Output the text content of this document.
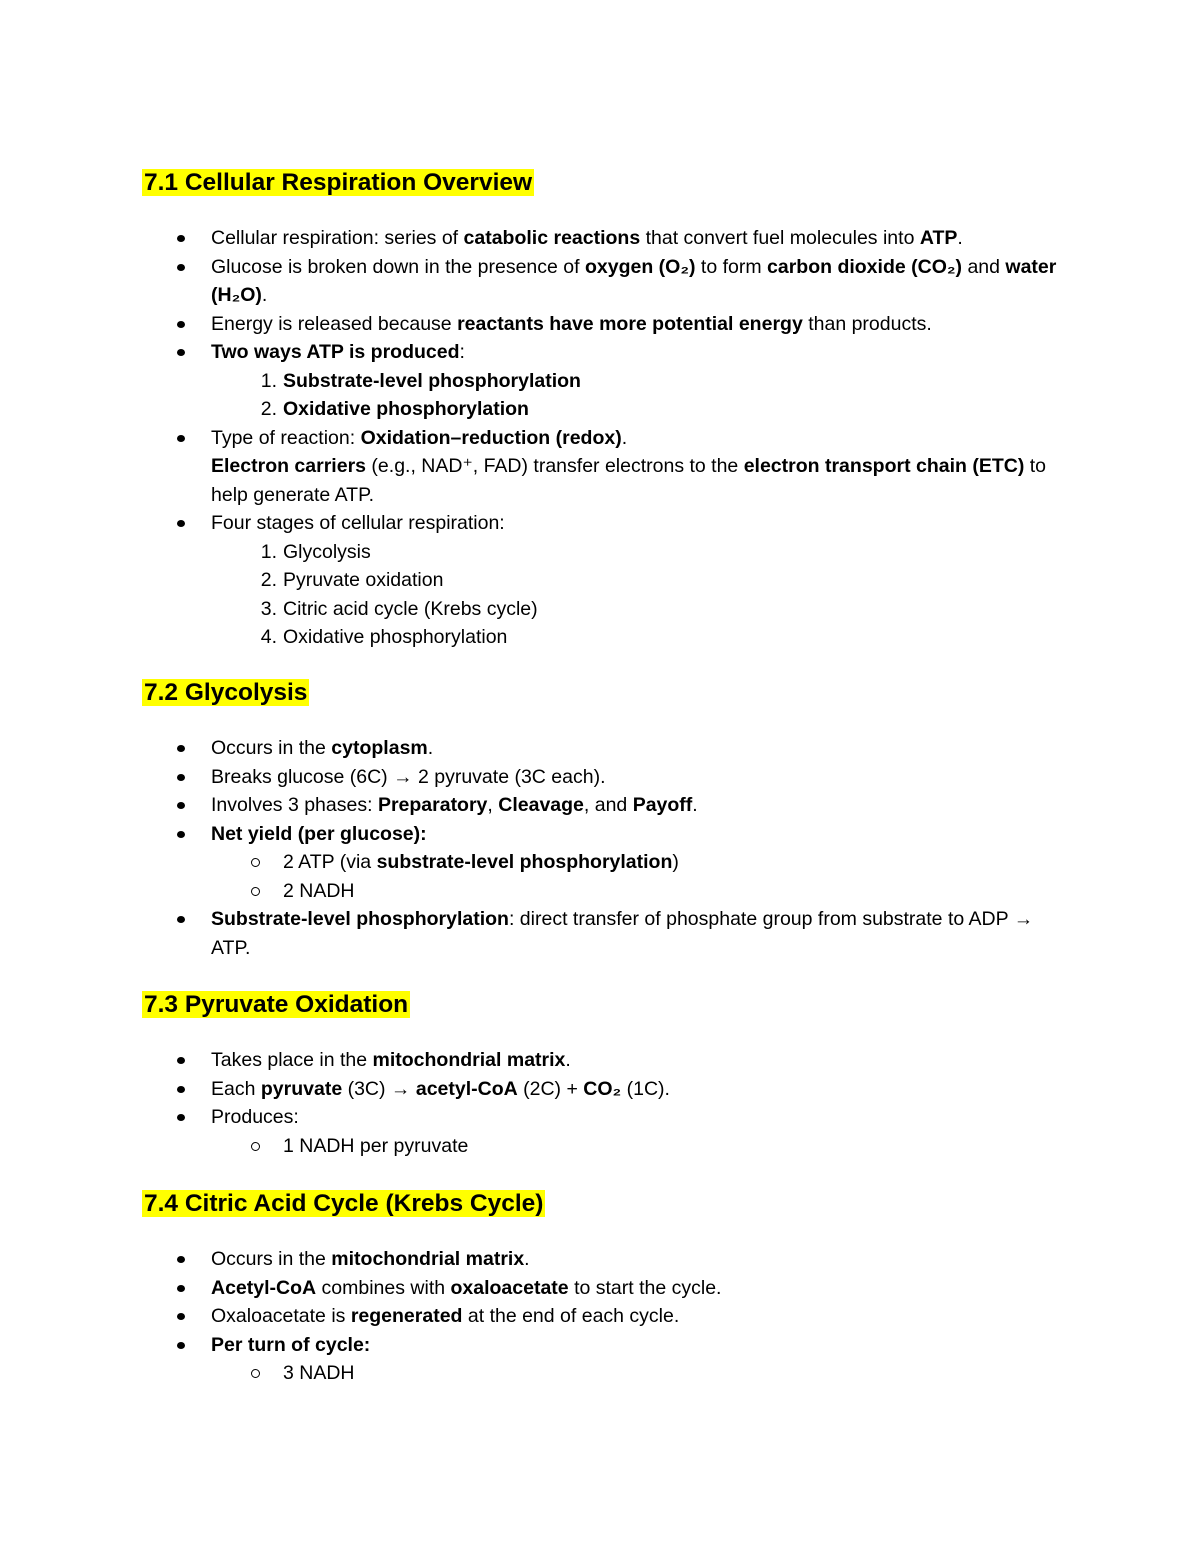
7.1 Cellular Respiration Overview
Cellular respiration: series of catabolic reactions that convert fuel molecules into ATP.
Glucose is broken down in the presence of oxygen (O₂) to form carbon dioxide (CO₂) and water (H₂O).
Energy is released because reactants have more potential energy than products.
Two ways ATP is produced:
1. Substrate-level phosphorylation
2. Oxidative phosphorylation
Type of reaction: Oxidation–reduction (redox).
Electron carriers (e.g., NAD⁺, FAD) transfer electrons to the electron transport chain (ETC) to help generate ATP.
Four stages of cellular respiration:
1. Glycolysis
2. Pyruvate oxidation
3. Citric acid cycle (Krebs cycle)
4. Oxidative phosphorylation
7.2 Glycolysis
Occurs in the cytoplasm.
Breaks glucose (6C) → 2 pyruvate (3C each).
Involves 3 phases: Preparatory, Cleavage, and Payoff.
Net yield (per glucose):
2 ATP (via substrate-level phosphorylation)
2 NADH
Substrate-level phosphorylation: direct transfer of phosphate group from substrate to ADP → ATP.
7.3 Pyruvate Oxidation
Takes place in the mitochondrial matrix.
Each pyruvate (3C) → acetyl-CoA (2C) + CO₂ (1C).
Produces:
1 NADH per pyruvate
7.4 Citric Acid Cycle (Krebs Cycle)
Occurs in the mitochondrial matrix.
Acetyl-CoA combines with oxaloacetate to start the cycle.
Oxaloacetate is regenerated at the end of each cycle.
Per turn of cycle:
3 NADH
